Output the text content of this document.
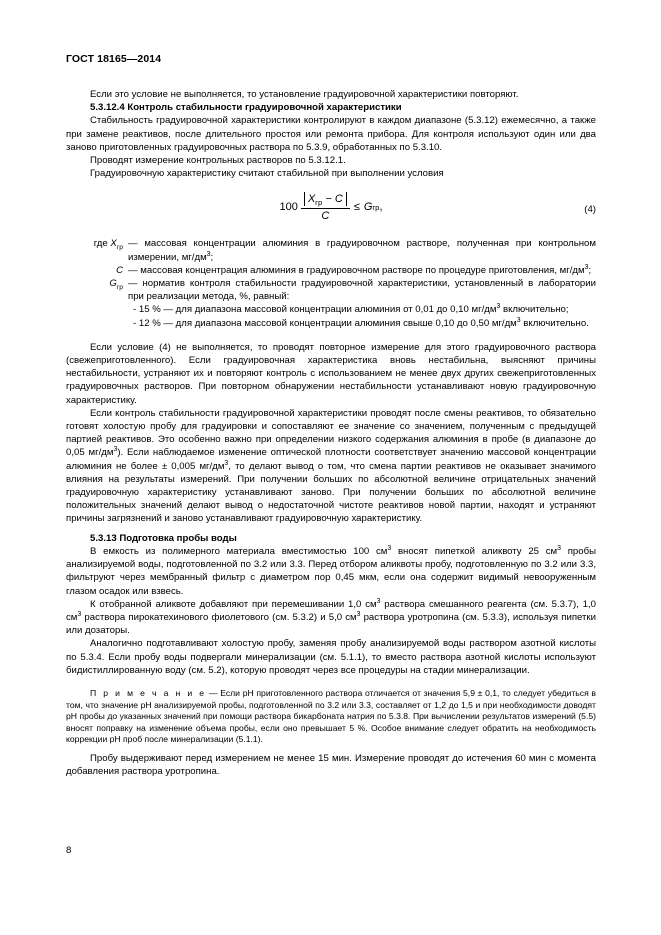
ГОСТ 18165—2014

Если это условие не выполняется, то установление градуировочной характеристики повторяют.

5.3.12.4 Контроль стабильности градуировочной характеристики

Стабильность градуировочной характеристики контролируют в каждом диапазоне (5.3.12) ежемесячно, а также при замене реактивов, после длительного простоя или ремонта прибора. Для контроля используют один или два заново приготовленных градуировочных раствора по 5.3.9, обработанных по 5.3.10.

Проводят измерение контрольных растворов по 5.3.12.1.

Градуировочную характеристику считают стабильной при выполнении условия

$100 \frac{X_{гр} - C}{C} \le G$ гр ,	(4)
где $X_{гр}$ — массовая концентрации алюминия в градуировочном растворе, полученная при контрольном измерении, $мг/дм^3$;
C — массовая концентрация алюминия в градуировочном растворе по процедуре приготовления, $мг/дм^3$;
$G_{гр}$ — норматив контроля стабильности градуировочной характеристики, установленный в лаборатории при реализации метода, %, равный:

- 15 % — для диапазона массовой концентрации алюминия от 0,01 до 0,10 $мг/дм^3$ включительно;

- 12 % — для диапазона массовой концентрации алюминия свыше 0,10 до 0,50 $мг/дм^3$ включительно.

Если условие (4) не выполняется, то проводят повторное измерение для этого градуировочного раствора (свежеприготовленного). Если градуировочная характеристика вновь нестабильна, выясняют причины нестабильности, устраняют их и повторяют контроль с использованием не менее двух других свежеприготовленных градуировочных растворов. При повторном обнаружении нестабильности устанавливают новую градуировочную характеристику.

Если контроль стабильности градуировочной характеристики проводят после смены реактивов, то обязательно готовят холостую пробу для градуировки и сопоставляют ее значение со значением, полученным с предыдущей партией реактивов. Это особенно важно при определении низкого содержания алюминия в пробе (в диапазоне до 0,05 $мг/дм^3$). Если наблюдаемое изменение оптической плотности соответствует значению массовой концентрации алюминия не более ± 0,005 $мг/дм^3$, то делают вывод о том, что смена партии реактивов не оказывает значимого влияния на результаты измерений. При получении больших по абсолютной величине отрицательных значений градуировочную характеристику устанавливают заново. При получении больших по абсолютной величине положительных значений делают вывод о недостаточной чистоте реактивов новой партии, находят и устраняют причины загрязнений и заново устанавливают градуировочную характеристику.

5.3.13 Подготовка пробы воды

В емкость из полимерного материала вместимостью 100 $см^3$ вносят пипеткой аликвоту 25 $см^3$ пробы анализируемой воды, подготовленной по 3.2 или 3.3. Перед отбором аликвоты пробу, подготовленную по 3.2 или 3.3, фильтруют через мембранный фильтр с диаметром пор 0,45 мкм, если она содержит видимый невооруженным глазом осадок или взвесь.

К отобранной аликвоте добавляют при перемешивании 1,0 $см^3$ раствора смешанного реагента (см. 5.3.7), 1,0 $см^3$ раствора пирокатехинового фиолетового (см. 5.3.2) и 5,0 $см^3$ раствора уротропина (см. 5.3.3), используя пипетки или дозаторы.

Аналогично подготавливают холостую пробу, заменяя пробу анализируемой воды раствором азотной кислоты по 5.3.4. Если пробу воды подвергали минерализации (см. 5.1.1), то вместо раствора азотной кислоты используют бидистиллированную воду (см. 5.2), которую проводят через все процедуры на стадии минерализации.

П р и м е ч а н и е — Если рН приготовленного раствора отличается от значения 5,9 ± 0,1, то следует убедиться в том, что значение рН анализируемой пробы, подготовленной по 3.2 или 3.3, составляет от 1,2 до 1,5 и при необходимости доводят рН пробы до указанных значений при помощи раствора бикарбоната натрия по 5.3.8. При вычислении результатов измерений (5.5) вносят поправку на изменение объема пробы, если оно превышает 5 %. Особое внимание следует обратить на необходимость коррекции рН проб после минерализации (5.1.1).

Пробу выдерживают перед измерением не менее 15 мин. Измерение проводят до истечения 60 мин с момента добавления раствора уротропина.

8
